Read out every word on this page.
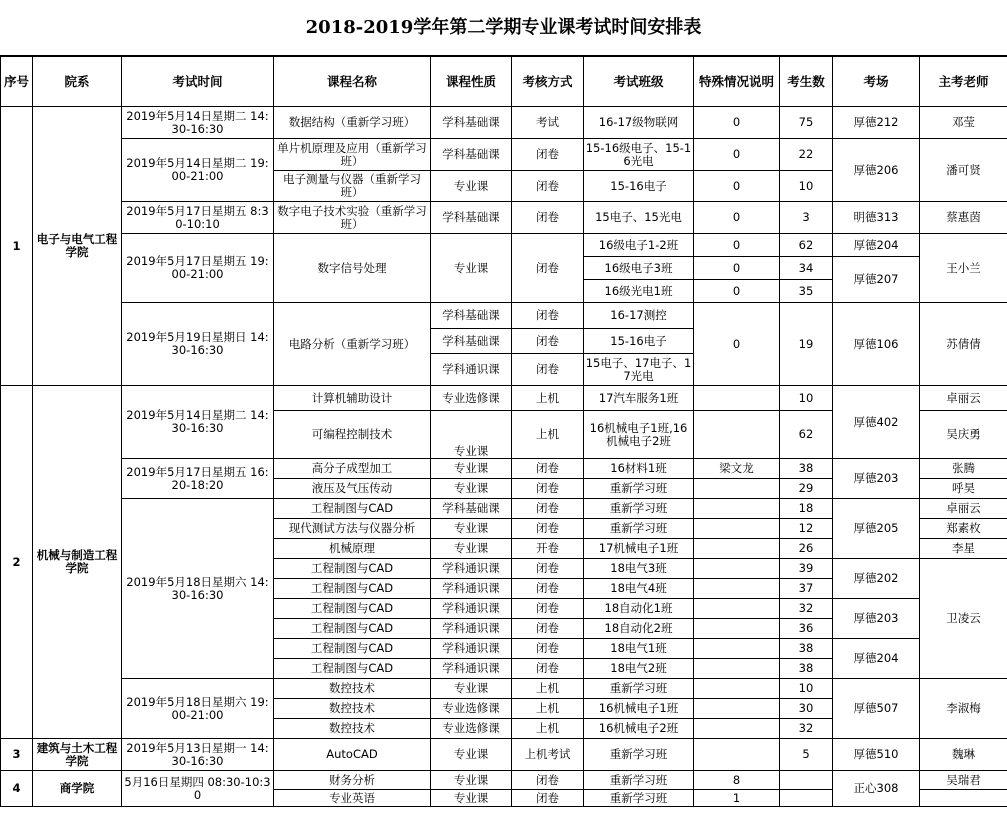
2018-2019学年第二学期专业课考试时间安排表
序号	院系	考试时间	课程名称	课程性质	考核方式	考试班级	特殊情况说明	考生数	考场	主考老师
1	电子与电气工程学院	2019年5月14日星期二 14:30-16:30	数据结构（重新学习班）	学科基础课	考试	16-17级物联网	0	75	厚德212	邓莹
		2019年5月14日星期二 19:00-21:00	单片机原理及应用（重新学习班）	学科基础课	闭卷	15-16级电子、15-16光电	0	22	厚德206	潘可贤
			电子测量与仪器（重新学习班）	专业课	闭卷	15-16电子	0	10		
		2019年5月17日星期五 8:30-10:10	数字电子技术实验（重新学习班）	学科基础课	闭卷	15电子、15光电	0	3	明德313	蔡惠茵
		2019年5月17日星期五 19:00-21:00	数字信号处理	专业课	闭卷	16级电子1-2班	0	62	厚德204	王小兰
						16级电子3班	0	34	厚德207	
						16级光电1班	0	35		
		2019年5月19日星期日 14:30-16:30	电路分析（重新学习班）	学科基础课	闭卷	16-17测控	0	19	厚德106	苏倩倩
				学科基础课	闭卷	15-16电子				
				学科通识课	闭卷	15电子、17电子、17光电				
2	机械与制造工程学院	2019年5月14日星期二 14:30-16:30	计算机辅助设计	专业选修课	上机	17汽车服务1班		10	厚德402	卓丽云
			可编程控制技术	专业课	上机	16机械电子1班,16机械电子2班		62		吴庆勇
		2019年5月17日星期五 16:20-18:20	高分子成型加工	专业课	闭卷	16材料1班	梁文龙	38	厚德203	张腾
			液压及气压传动	专业课	闭卷	重新学习班		29		呼昊
		2019年5月18日星期六 14:30-16:30	工程制图与CAD	学科基础课	闭卷	重新学习班		18	厚德205	卓丽云
			现代测试方法与仪器分析	专业课	闭卷	重新学习班		12		郑素枚
			机械原理	专业课	开卷	17机械电子1班		26		李星
			工程制图与CAD	学科通识课	闭卷	18电气3班		39	厚德202	卫凌云
			工程制图与CAD	学科通识课	闭卷	18电气4班		37		
			工程制图与CAD	学科通识课	闭卷	18自动化1班		32	厚德203	
			工程制图与CAD	学科通识课	闭卷	18自动化2班		36		
			工程制图与CAD	学科通识课	闭卷	18电气1班		38	厚德204	
			工程制图与CAD	学科通识课	闭卷	18电气2班		38		
		2019年5月18日星期六 19:00-21:00	数控技术	专业课	上机	重新学习班		10	厚德507	李淑梅
			数控技术	专业选修课	上机	16机械电子1班		30		
			数控技术	专业选修课	上机	16机械电子2班		32		
3	建筑与土木工程学院	2019年5月13日星期一 14:30-16:30	AutoCAD	专业课	上机考试	重新学习班		5	厚德510	魏琳
4	商学院	5月16日星期四 08:30-10:30	财务分析	专业课	闭卷	重新学习班	8		正心308	吴瑞君
			专业英语	专业课	闭卷	重新学习班	1			
